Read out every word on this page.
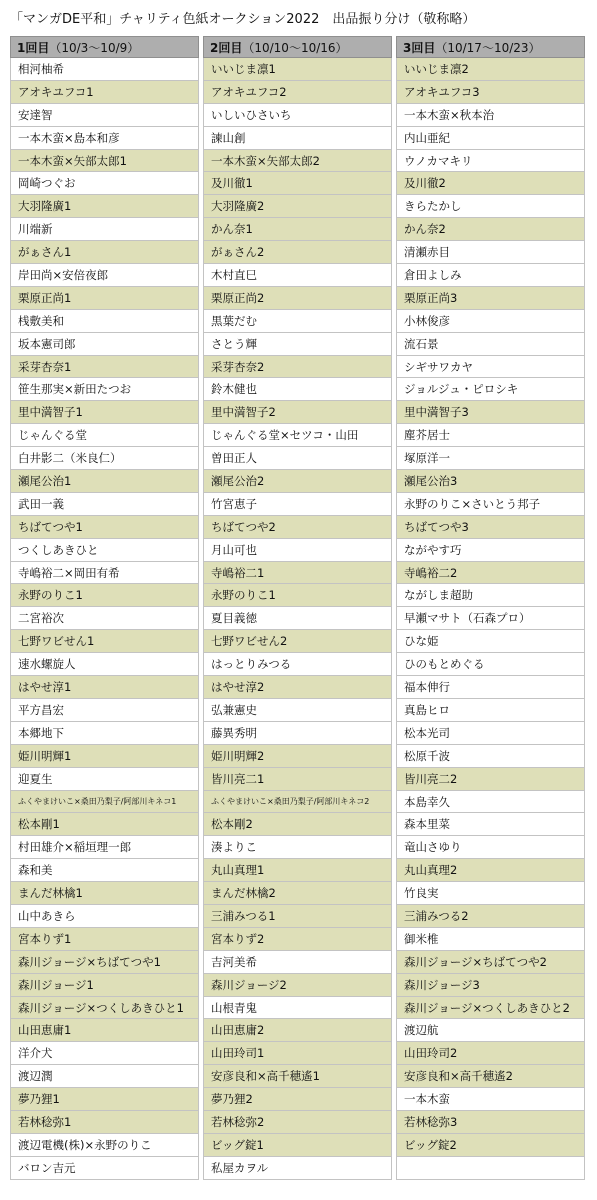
「マンガDE平和」チャリティ色紙オークション2022　出品振り分け（敬称略）
1回目（10/3〜10/9）
相河柚希
アオキユフコ1
安達智
一本木蛮×島本和彦
一本木蛮×矢部太郎1
岡崎つぐお
大羽隆廣1
川端新
がぁさん1
岸田尚×安倍夜郎
栗原正尚1
桟敷美和
坂本憲司郎
采芽杏奈1
笹生那実×新田たつお
里中満智子1
じゃんぐる堂
白井影二（米良仁）
瀬尾公治1
武田一義
ちばてつや1
つくしあきひと
寺嶋裕二×岡田有希
永野のりこ1
二宮裕次
七野ワビせん1
速水螺旋人
はやせ淳1
平方昌宏
本郷地下
姫川明輝1
迎夏生
ふくやまけいこ×桑田乃梨子/阿部川キネコ1
松本剛1
村田雄介×稲垣理一郎
森和美
まんだ林檎1
山中あきら
宮本りず1
森川ジョージ×ちばてつや1
森川ジョージ1
森川ジョージ×つくしあきひと1
山田恵庸1
洋介犬
渡辺潤
夢乃狸1
若林稔弥1
渡辺電機(株)×永野のりこ
バロン吉元
2回目（10/10〜10/16）
いいじま凛1
アオキユフコ2
いしいひさいち
諫山創
一本木蛮×矢部太郎2
及川徹1
大羽隆廣2
かん奈1
がぁさん2
木村直巳
栗原正尚2
黒葉だむ
さとう輝
采芽杏奈2
鈴木健也
里中満智子2
じゃんぐる堂×セツコ・山田
曽田正人
瀬尾公治2
竹宮恵子
ちばてつや2
月山可也
寺嶋裕二1
永野のりこ1
夏目義徳
七野ワビせん2
はっとりみつる
はやせ淳2
弘兼憲史
藤異秀明
姫川明輝2
皆川亮二1
ふくやまけいこ×桑田乃梨子/阿部川キネコ2
松本剛2
湊よりこ
丸山真理1
まんだ林檎2
三浦みつる1
宮本りず2
吉河美希
森川ジョージ2
山根青鬼
山田恵庸2
山田玲司1
安彦良和×高千穂遙1
夢乃狸2
若林稔弥2
ビッグ錠1
私屋カヲル
3回目（10/17〜10/23）
いいじま凛2
アオキユフコ3
一本木蛮×秋本治
内山亜紀
ウノカマキリ
及川徹2
きらたかし
かん奈2
清瀬赤目
倉田よしみ
栗原正尚3
小林俊彦
流石景
シギサワカヤ
ジョルジュ・ピロシキ
里中満智子3
塵芥居士
塚原洋一
瀬尾公治3
永野のりこ×さいとう邦子
ちばてつや3
ながやす巧
寺嶋裕二2
ながしま超助
早瀬マサト（石森プロ）
ひな姫
ひのもとめぐる
福本伸行
真島ヒロ
松本光司
松原千波
皆川亮二2
本島幸久
森本里菜
竜山さゆり
丸山真理2
竹良実
三浦みつる2
御米椎
森川ジョージ×ちばてつや2
森川ジョージ3
森川ジョージ×つくしあきひと2
渡辺航
山田玲司2
安彦良和×高千穂遙2
一本木蛮
若林稔弥3
ビッグ錠2
